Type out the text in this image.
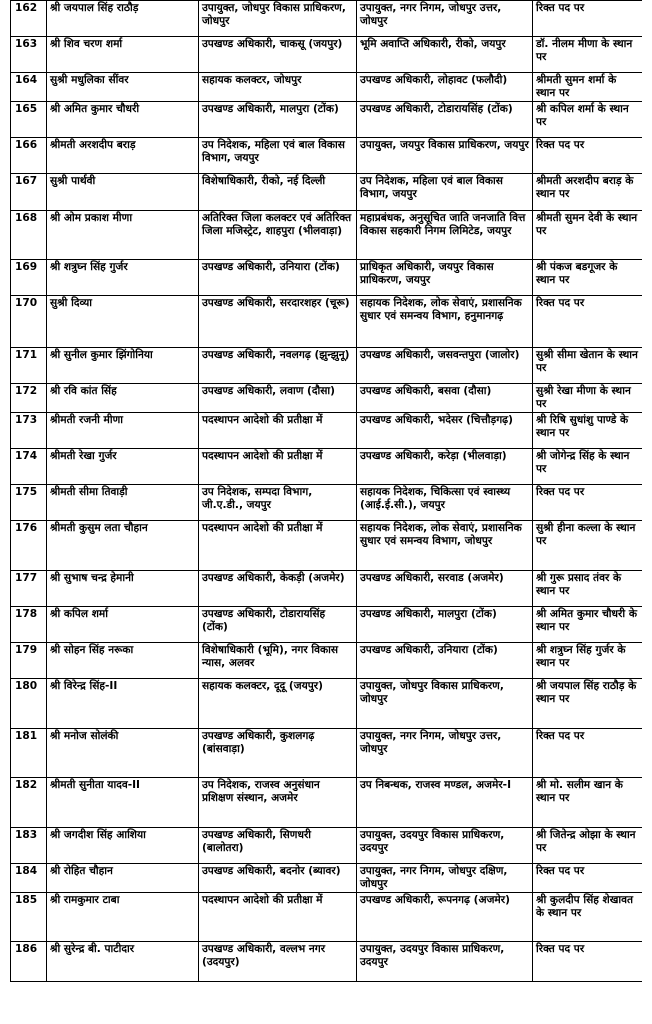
162	श्री जयपाल सिंह राठौड़	उपायुक्त, जोधपुर विकास प्राधिकरण, जोधपुर	उपायुक्त, नगर निगम, जोधपुर उत्तर, जोधपुर	रिक्त पद पर
163	श्री शिव चरण शर्मा	उपखण्ड अधिकारी, चाकसू (जयपुर)	भूमि अवाप्ति अधिकारी, रीको, जयपुर	डॉ. नीलम मीणा के स्थान पर
164	सुश्री मधुलिका सींवर	सहायक कलक्टर, जोधपुर	उपखण्ड अधिकारी, लोहावट (फलौदी)	श्रीमती सुमन शर्मा के स्थान पर
165	श्री अमित कुमार चौधरी	उपखण्ड अधिकारी, मालपुरा (टोंक)	उपखण्ड अधिकारी, टोडारायसिंह (टोंक)	श्री कपिल शर्मा के स्थान पर
166	श्रीमती अरशदीप बराड़	उप निदेशक, महिला एवं बाल विकास विभाग, जयपुर	उपायुक्त, जयपुर विकास प्राधिकरण, जयपुर	रिक्त पद पर
167	सुश्री पार्थवी	विशेषाधिकारी, रीको, नई दिल्ली	उप निदेशक, महिला एवं बाल विकास विभाग, जयपुर	श्रीमती अरशदीप बराड़ के स्थान पर
168	श्री ओम प्रकाश मीणा	अतिरिक्त जिला कलक्टर एवं अतिरिक्त जिला मजिस्ट्रेट, शाहपुरा (भीलवाड़ा)	महाप्रबंधक, अनुसूचित जाति जनजाति वित्त विकास सहकारी निगम लिमिटेड, जयपुर	श्रीमती सुमन देवी के स्थान पर
169	श्री शत्रुघ्न सिंह गुर्जर	उपखण्ड अधिकारी, उनियारा (टोंक)	प्राधिकृत अधिकारी, जयपुर विकास प्राधिकरण, जयपुर	श्री पंकज बडगूजर के स्थान पर
170	सुश्री दिव्या	उपखण्ड अधिकारी, सरदारशहर (चूरू)	सहायक निदेशक, लोक सेवाएं, प्रशासनिक सुधार एवं समन्वय विभाग, हनुमानगढ़	रिक्त पद पर
171	श्री सुनील कुमार झिंगोनिया	उपखण्ड अधिकारी, नवलगढ़ (झुन्झुनू)	उपखण्ड अधिकारी, जसवन्तपुरा (जालोर)	सुश्री सीमा खेतान के स्थान पर
172	श्री रवि कांत सिंह	उपखण्ड अधिकारी, लवाण (दौसा)	उपखण्ड अधिकारी, बसवा (दौसा)	सुश्री रेखा मीणा के स्थान पर
173	श्रीमती रजनी मीणा	पदस्थापन आदेशो की प्रतीक्षा में	उपखण्ड अधिकारी, भदेसर (चित्तौड़गढ़)	श्री रिषि सुधांशु पाण्डे के स्थान पर
174	श्रीमती रेखा गुर्जर	पदस्थापन आदेशो की प्रतीक्षा में	उपखण्ड अधिकारी, करेड़ा (भीलवाड़ा)	श्री जोगेन्द्र सिंह के स्थान पर
175	श्रीमती सीमा तिवाड़ी	उप निदेशक, सम्पदा विभाग, जी.ए.डी., जयपुर	सहायक निदेशक, चिकित्सा एवं स्वास्थ्य (आई.ई.सी.), जयपुर	रिक्त पद पर
176	श्रीमती कुसुम लता चौहान	पदस्थापन आदेशो की प्रतीक्षा में	सहायक निदेशक, लोक सेवाएं, प्रशासनिक सुधार एवं समन्वय विभाग, जोधपुर	सुश्री हीना कल्ला के स्थान पर
177	श्री सुभाष चन्द्र हेमानी	उपखण्ड अधिकारी, केकड़ी (अजमेर)	उपखण्ड अधिकारी, सरवाड (अजमेर)	श्री गुरू प्रसाद तंवर के स्थान पर
178	श्री कपिल शर्मा	उपखण्ड अधिकारी, टोडारायसिंह (टोंक)	उपखण्ड अधिकारी, मालपुरा (टोंक)	श्री अमित कुमार चौधरी के स्थान पर
179	श्री सोहन सिंह नरूका	विशेषाधिकारी (भूमि), नगर विकास न्यास, अलवर	उपखण्ड अधिकारी, उनियारा (टोंक)	श्री शत्रुघ्न सिंह गुर्जर के स्थान पर
180	श्री विरेन्द्र सिंह-II	सहायक कलक्टर, दूदू (जयपुर)	उपायुक्त, जोधपुर विकास प्राधिकरण, जोधपुर	श्री जयपाल सिंह राठौड़ के स्थान पर
181	श्री मनोज सोलंकी	उपखण्ड अधिकारी, कुशलगढ़ (बांसवाड़ा)	उपायुक्त, नगर निगम, जोधपुर उत्तर, जोधपुर	रिक्त पद पर
182	श्रीमती सुनीता यादव-II	उप निदेशक, राजस्व अनुसंधान प्रशिक्षण संस्थान, अजमेर	उप निबन्धक, राजस्व मण्डल, अजमेर-I	श्री मो. सलीम खान के स्थान पर
183	श्री जगदीश सिंह आशिया	उपखण्ड अधिकारी, सिणधरी (बालोतरा)	उपायुक्त, उदयपुर विकास प्राधिकरण, उदयपुर	श्री जितेन्द्र ओझा के स्थान पर
184	श्री रोहित चौहान	उपखण्ड अधिकारी, बदनोर (ब्यावर)	उपायुक्त, नगर निगम, जोधपुर दक्षिण, जोधपुर	रिक्त पद पर
185	श्री रामकुमार टाबा	पदस्थापन आदेशो की प्रतीक्षा में	उपखण्ड अधिकारी, रूपनगढ़ (अजमेर)	श्री कुलदीप सिंह शेखावत के स्थान पर
186	श्री सुरेन्द्र बी. पाटीदार	उपखण्ड अधिकारी, वल्लभ नगर (उदयपुर)	उपायुक्त, उदयपुर विकास प्राधिकरण, उदयपुर	रिक्त पद पर
